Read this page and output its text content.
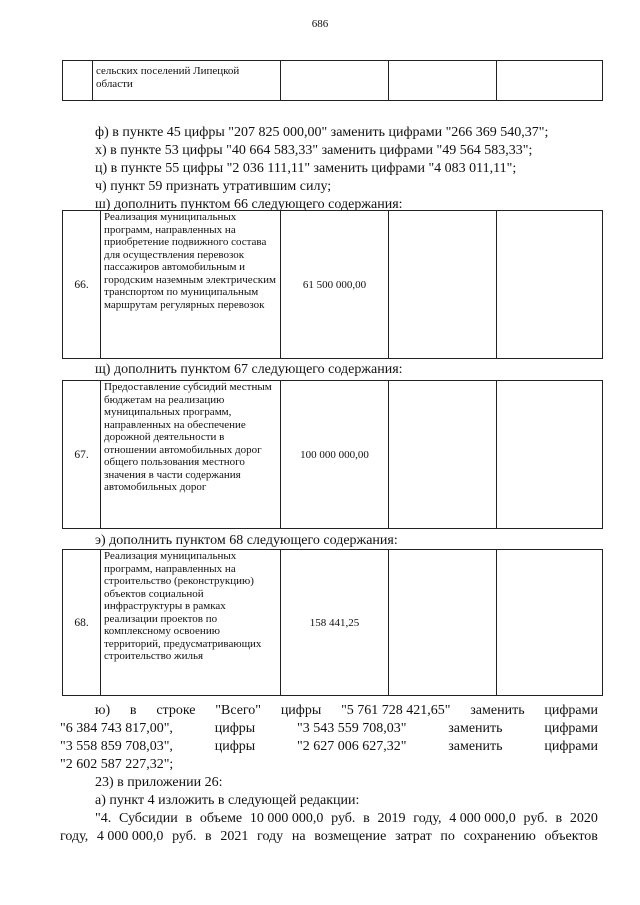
686
	сельских поселений Липецкой области			
ф) в пункте 45 цифры "207 825 000,00" заменить цифрами "266 369 540,37";
х) в пункте 53 цифры "40 664 583,33" заменить цифрами "49 564 583,33";
ц) в пункте 55 цифры "2 036 111,11" заменить цифрами "4 083 011,11";
ч) пункт 59 признать утратившим силу;
ш) дополнить пунктом 66 следующего содержания:
66.	Реализация муниципальных программ, направленных на приобретение подвижного состава для осуществления перевозок пассажиров автомобильным и городским наземным электрическим транспортом по муниципальным маршрутам регулярных перевозок	61 500 000,00		
щ) дополнить пунктом 67 следующего содержания:
67.	Предоставление субсидий местным бюджетам на реализацию муниципальных программ, направленных на обеспечение дорожной деятельности в отношении автомобильных дорог общего пользования местного значения в части содержания автомобильных дорог	100 000 000,00		
э) дополнить пунктом 68 следующего содержания:
68.	Реализация муниципальных программ, направленных на строительство (реконструкцию) объектов социальной инфраструктуры в рамках реализации проектов по комплексному освоению территорий, предусматривающих строительство жилья	158 441,25		
ю) в строке "Всего" цифры "5 761 728 421,65" заменить цифрами
"6 384 743 817,00",	цифры	"3 543 559 708,03"	заменить	цифрами
"3 558 859 708,03",	цифры	"2 627 006 627,32"	заменить	цифрами
"2 602 587 227,32";
23) в приложении 26:
а) пункт 4 изложить в следующей редакции:
"4. Субсидии в объеме 10 000 000,0 руб. в 2019 году, 4 000 000,0 руб. в 2020
году, 4 000 000,0 руб. в 2021 году на возмещение затрат по сохранению объектов
